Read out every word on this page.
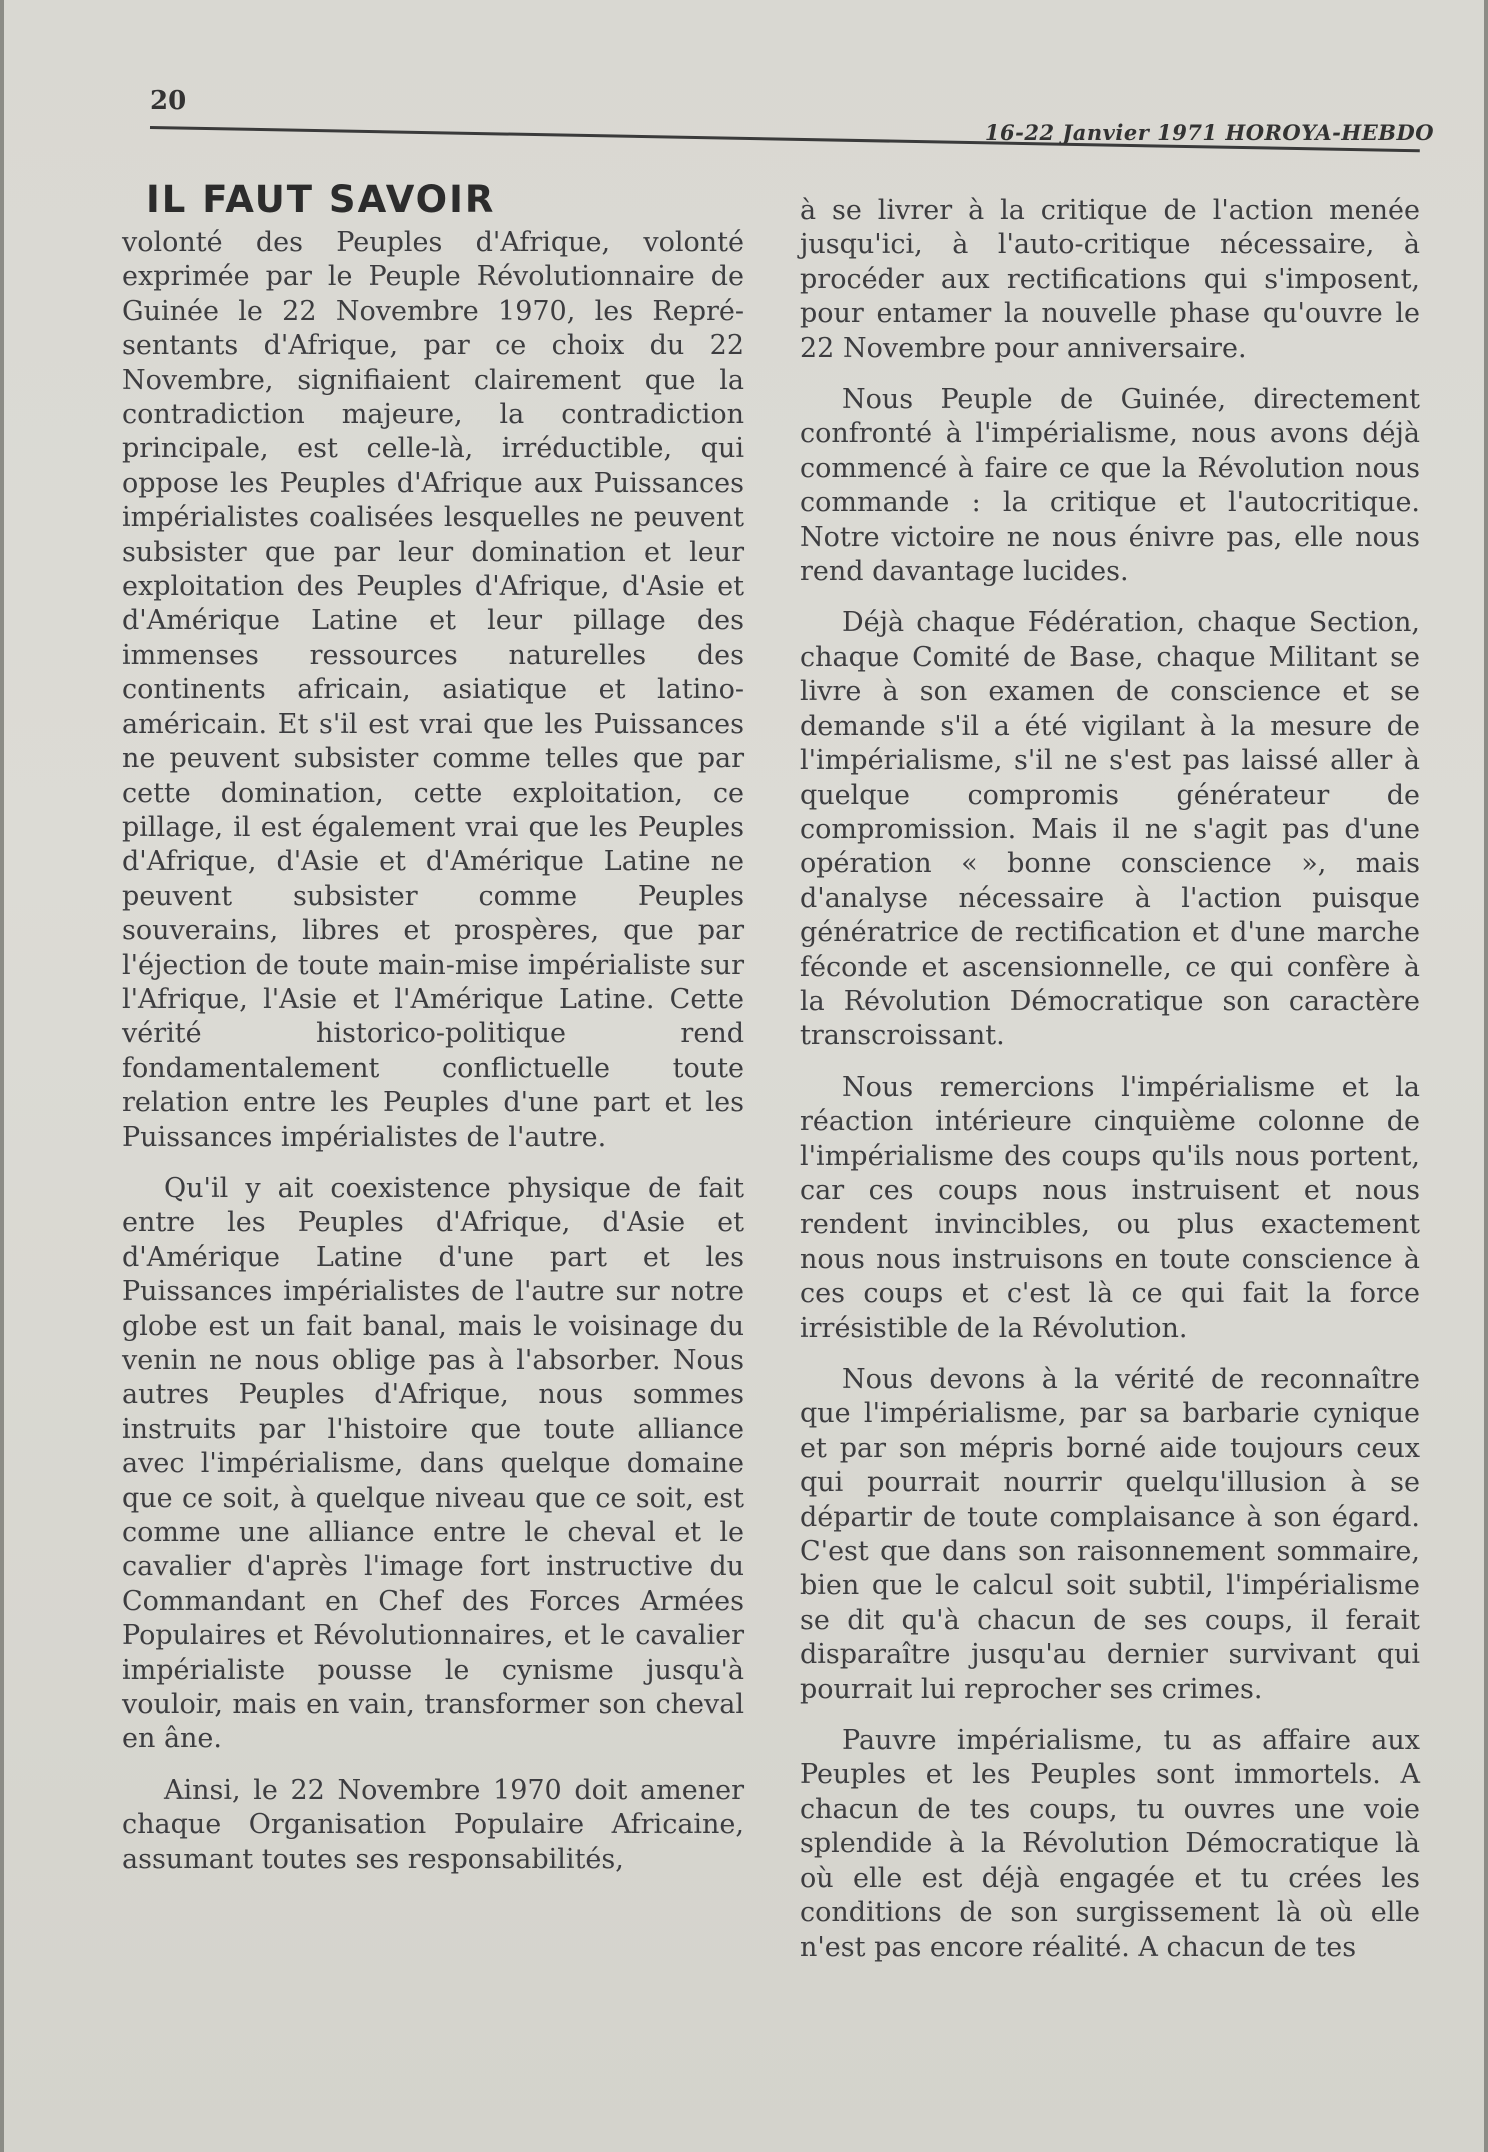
20
16-22 Janvier 1971 HOROYA-HEBDO
IL FAUT SAVOIR

volonté des Peuples d'Afrique, volonté exprimée par le Peuple Révolutionnaire de Guinée le 22 Novembre 1970, les Représentants d'Afrique, par ce choix du 22 Novembre, signifiaient clairement que la contradiction majeure, la contradiction principale, est celle-là, irréductible, qui oppose les Peuples d'Afrique aux Puissances impérialistes coalisées lesquelles ne peuvent subsister que par leur domination et leur exploitation des Peuples d'Afrique, d'Asie et d'Amérique Latine et leur pillage des immenses ressources naturelles des continents africain, asiatique et latino-américain. Et s'il est vrai que les Puissances ne peuvent subsister comme telles que par cette domination, cette exploitation, ce pillage, il est également vrai que les Peuples d'Afrique, d'Asie et d'Amérique Latine ne peuvent subsister comme Peuples souverains, libres et prospères, que par l'éjection de toute main-mise impérialiste sur l'Afrique, l'Asie et l'Amérique Latine. Cette vérité historico-politique rend fondamentalement conflictuelle toute relation entre les Peuples d'une part et les Puissances impérialistes de l'autre.

Qu'il y ait coexistence physique de fait entre les Peuples d'Afrique, d'Asie et d'Amérique Latine d'une part et les Puissances impérialistes de l'autre sur notre globe est un fait banal, mais le voisinage du venin ne nous oblige pas à l'absorber. Nous autres Peuples d'Afrique, nous sommes instruits par l'histoire que toute alliance avec l'impérialisme, dans quelque domaine que ce soit, à quelque niveau que ce soit, est comme une alliance entre le cheval et le cavalier d'après l'image fort instructive du Commandant en Chef des Forces Armées Populaires et Révolutionnaires, et le cavalier impérialiste pousse le cynisme jusqu'à vouloir, mais en vain, transformer son cheval en âne.

Ainsi, le 22 Novembre 1970 doit amener chaque Organisation Populaire Africaine, assumant toutes ses responsabilités,

à se livrer à la critique de l'action menée jusqu'ici, à l'auto-critique nécessaire, à procéder aux rectifications qui s'imposent, pour entamer la nouvelle phase qu'ouvre le 22 Novembre pour anniversaire.

Nous Peuple de Guinée, directement confronté à l'impérialisme, nous avons déjà commencé à faire ce que la Révolution nous commande : la critique et l'autocritique. Notre victoire ne nous énivre pas, elle nous rend davantage lucides.

Déjà chaque Fédération, chaque Section, chaque Comité de Base, chaque Militant se livre à son examen de conscience et se demande s'il a été vigilant à la mesure de l'impérialisme, s'il ne s'est pas laissé aller à quelque compromis générateur de compromission. Mais il ne s'agit pas d'une opération « bonne conscience », mais d'analyse nécessaire à l'action puisque génératrice de rectification et d'une marche féconde et ascensionnelle, ce qui confère à la Révolution Démocratique son caractère transcroissant.

Nous remercions l'impérialisme et la réaction intérieure cinquième colonne de l'impérialisme des coups qu'ils nous portent, car ces coups nous instruisent et nous rendent invincibles, ou plus exactement nous nous instruisons en toute conscience à ces coups et c'est là ce qui fait la force irrésistible de la Révolution.

Nous devons à la vérité de reconnaître que l'impérialisme, par sa barbarie cynique et par son mépris borné aide toujours ceux qui pourrait nourrir quelqu'illusion à se départir de toute complaisance à son égard. C'est que dans son raisonnement sommaire, bien que le calcul soit subtil, l'impérialisme se dit qu'à chacun de ses coups, il ferait disparaître jusqu'au dernier survivant qui pourrait lui reprocher ses crimes.

Pauvre impérialisme, tu as affaire aux Peuples et les Peuples sont immortels. A chacun de tes coups, tu ouvres une voie splendide à la Révolution Démocratique là où elle est déjà engagée et tu crées les conditions de son surgissement là où elle n'est pas encore réalité. A chacun de tes
